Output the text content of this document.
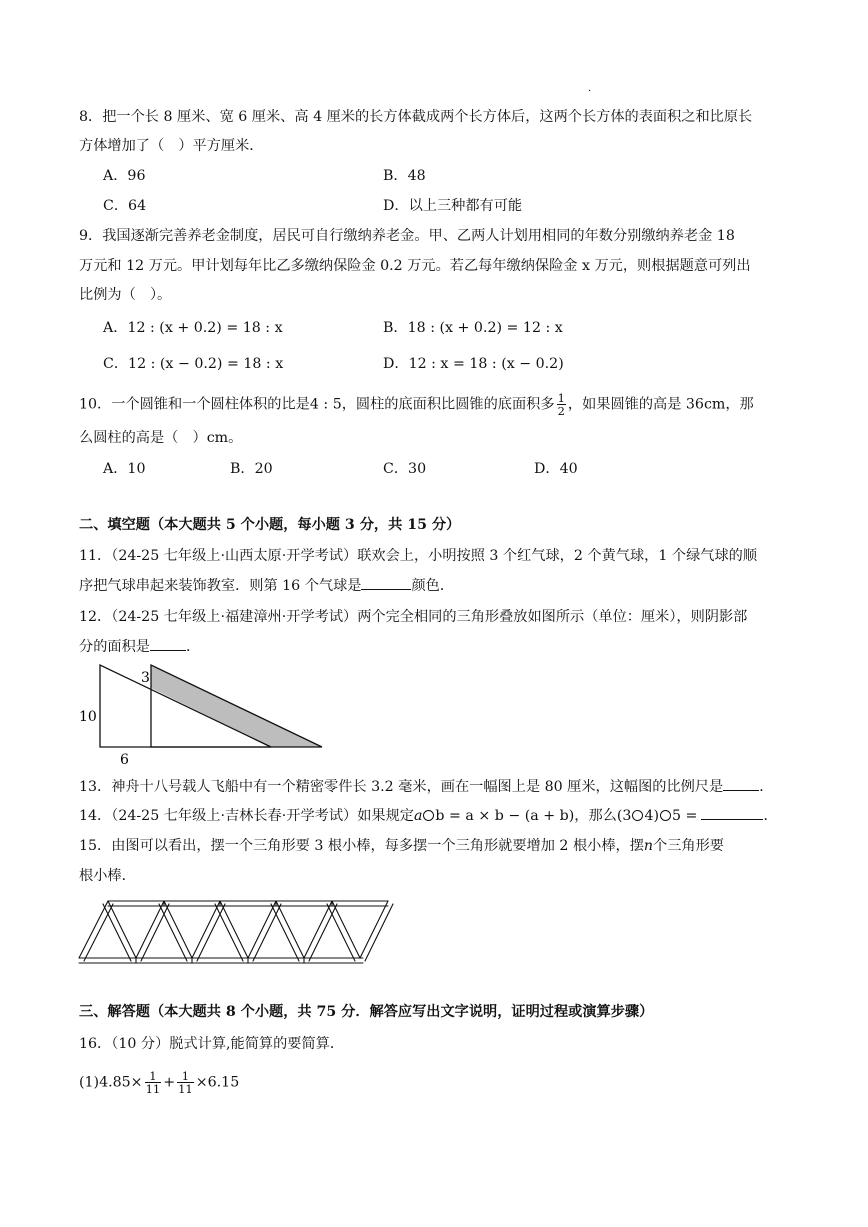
·
8．把一个长 8 厘米、宽 6 厘米、高 4 厘米的长方体截成两个长方体后，这两个长方体的表面积之和比原长
方体增加了（　）平方厘米．
A．96	B．48
C．64	D．以上三种都有可能
9．我国逐渐完善养老金制度，居民可自行缴纳养老金。甲、乙两人计划用相同的年数分别缴纳养老金 18
万元和 12 万元。甲计划每年比乙多缴纳保险金 0.2 万元。若乙每年缴纳保险金 x 万元，则根据题意可列出
比例为（　）。
A．12 : (x + 0.2) = 18 : x	B．18 : (x + 0.2) = 12 : x
C．12 : (x − 0.2) = 18 : x	D．12 : x = 18 : (x − 0.2)
10．一个圆锥和一个圆柱体积的比是4 : 5，圆柱的底面积比圆锥的底面积多 $\frac{1}{2}$ ，如果圆锥的高是 36cm，那
么圆柱的高是（　）cm。
A．10	B．20	C．30	D．40
二、填空题（本大题共 5 个小题，每小题 3 分，共 15 分）
11．（24-25 七年级上·山西太原·开学考试）联欢会上，小明按照 3 个红气球，2 个黄气球，1 个绿气球的顺
序把气球串起来装饰教室．则第 16 个气球是	颜色．
12．（24-25 七年级上·福建漳州·开学考试）两个完全相同的三角形叠放如图所示（单位：厘米），则阴影部
分的面积是	．
3
10
6
13．神舟十八号载人飞船中有一个精密零件长 3.2 毫米，画在一幅图上是 80 厘米，这幅图的比例尺是	．
14．（24-25 七年级上·吉林长春·开学考试）如果规定a b = a × b − (a + b)，那么(3 4) 5 =	．
15．由图可以看出，摆一个三角形要 3 根小棒，每多摆一个三角形就要增加 2 根小棒，摆n个三角形要
根小棒．
三、解答题（本大题共 8 个小题，共 75 分．解答应写出文字说明，证明过程或演算步骤）
16．（10 分）脱式计算,能简算的要简算．
$(1)4.85\times \frac{1}{11} + \frac{1}{11} \times 6.15$
